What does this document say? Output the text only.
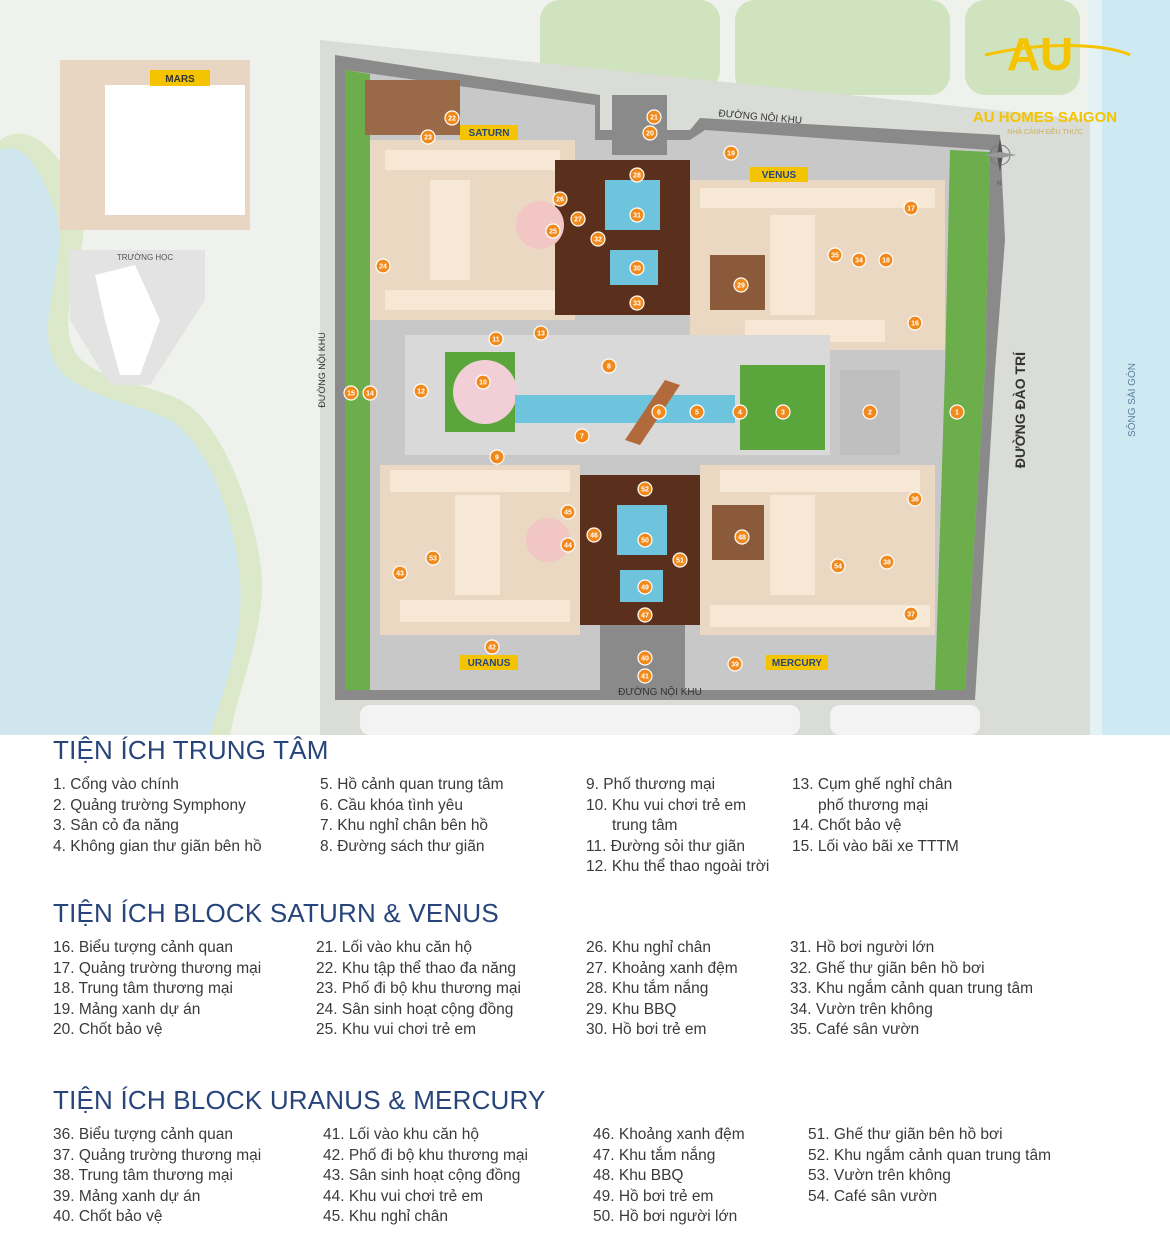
MARS
TRƯỜNG HỌC
SATURN
VENUS
URANUS	MERCURY
ĐƯỜNG NỘI KHU
ĐƯỜNG NỘI KHU
ĐƯỜNG NỘI KHU
ĐƯỜNG ĐÀO TRÍ	SÔNG SÀI GÒN
AU
AU HOMES SAIGON
NHÀ CÁNH ĐỀU THỨC
N
1
2
3
4
5
6
7
8
9
10
11
12
13
14
15
16
17
18
19
20
21
22
23
24
25
26
27
28
29
30
31
32
33
34
35
36
37
38
39
40
41
42
43
44
45
46
47
48
49
50
51
52
53
54
TIỆN ÍCH TRUNG TÂM
1. Cổng vào chính
2. Quảng trường Symphony
3. Sân cỏ đa năng
4. Không gian thư giãn bên hồ
5. Hồ cảnh quan trung tâm
6. Cầu khóa tình yêu
7. Khu nghỉ chân bên hồ
8. Đường sách thư giãn
9. Phố thương mại
10. Khu vui chơi trẻ em
trung tâm
11. Đường sỏi thư giãn
12. Khu thể thao ngoài trời
13. Cụm ghế nghỉ chân
phố thương mại
14. Chốt bảo vệ
15. Lối vào bãi xe TTTM
TIỆN ÍCH BLOCK SATURN & VENUS
16. Biểu tượng cảnh quan
17. Quảng trường thương mại
18. Trung tâm thương mại
19. Mảng xanh dự án
20. Chốt bảo vệ
21. Lối vào khu căn hộ
22. Khu tập thể thao đa năng
23. Phố đi bộ khu thương mại
24. Sân sinh hoạt cộng đồng
25. Khu vui chơi trẻ em
26. Khu nghỉ chân
27. Khoảng xanh đệm
28. Khu tắm nắng
29. Khu BBQ
30. Hồ bơi trẻ em
31. Hồ bơi người lớn
32. Ghế thư giãn bên hồ bơi
33. Khu ngắm cảnh quan trung tâm
34. Vườn trên không
35. Café sân vườn
TIỆN ÍCH BLOCK URANUS & MERCURY
36. Biểu tượng cảnh quan
37. Quảng trường thương mại
38. Trung tâm thương mại
39. Mảng xanh dự án
40. Chốt bảo vệ
41. Lối vào khu căn hộ
42. Phố đi bộ khu thương mại
43. Sân sinh hoạt cộng đồng
44. Khu vui chơi trẻ em
45. Khu nghỉ chân
46. Khoảng xanh đệm
47. Khu tắm nắng
48. Khu BBQ
49. Hồ bơi trẻ em
50. Hồ bơi người lớn
51. Ghế thư giãn bên hồ bơi
52. Khu ngắm cảnh quan trung tâm
53. Vườn trên không
54. Café sân vườn
